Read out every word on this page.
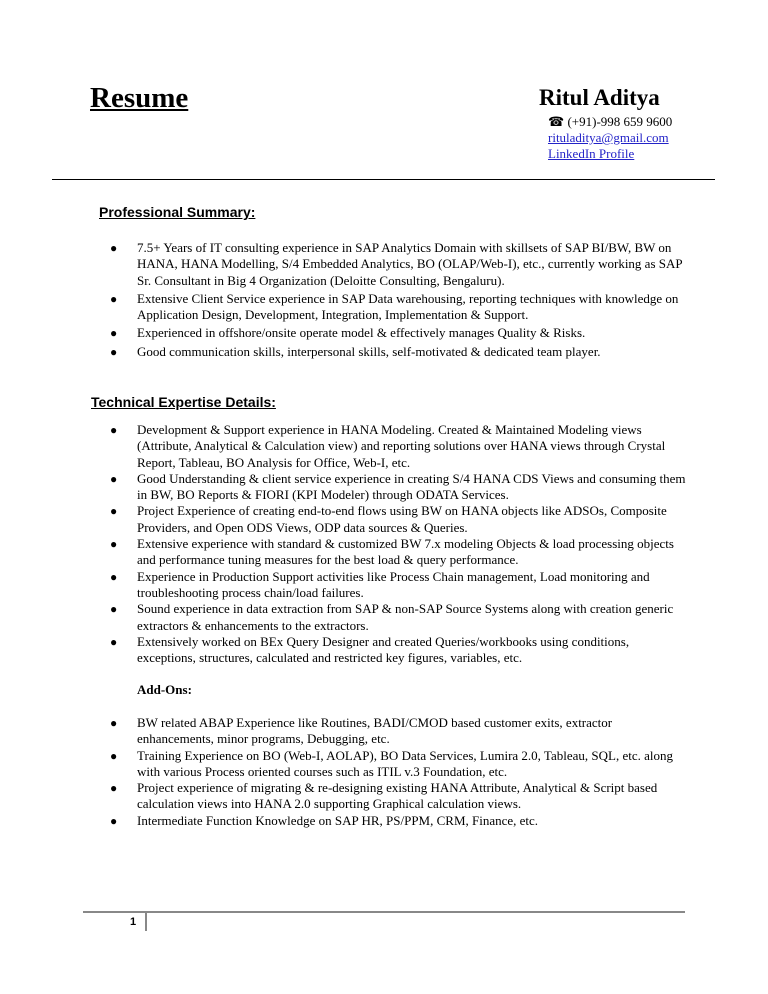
Resume	Ritul Aditya
☎ (+91)-998 659 9600
rituladitya@gmail.com
LinkedIn Profile
Professional Summary:
● 7.5+ Years of IT consulting experience in SAP Analytics Domain with skillsets of SAP BI/BW, BW on HANA, HANA Modelling, S/4 Embedded Analytics, BO (OLAP/Web-I), etc., currently working as SAP Sr. Consultant in Big 4 Organization (Deloitte Consulting, Bengaluru).
● Extensive Client Service experience in SAP Data warehousing, reporting techniques with knowledge on Application Design, Development, Integration, Implementation & Support.
● Experienced in offshore/onsite operate model & effectively manages Quality & Risks.
● Good communication skills, interpersonal skills, self-motivated & dedicated team player.
Technical Expertise Details:
● Development & Support experience in HANA Modeling. Created & Maintained Modeling views (Attribute, Analytical & Calculation view) and reporting solutions over HANA views through Crystal Report, Tableau, BO Analysis for Office, Web-I, etc.
● Good Understanding & client service experience in creating S/4 HANA CDS Views and consuming them in BW, BO Reports & FIORI (KPI Modeler) through ODATA Services.
● Project Experience of creating end-to-end flows using BW on HANA objects like ADSOs, Composite Providers, and Open ODS Views, ODP data sources & Queries.
● Extensive experience with standard & customized BW 7.x modeling Objects & load processing objects and performance tuning measures for the best load & query performance.
● Experience in Production Support activities like Process Chain management, Load monitoring and troubleshooting process chain/load failures.
● Sound experience in data extraction from SAP & non-SAP Source Systems along with creation generic extractors & enhancements to the extractors.
● Extensively worked on BEx Query Designer and created Queries/workbooks using conditions, exceptions, structures, calculated and restricted key figures, variables, etc.
Add-Ons:
● BW related ABAP Experience like Routines, BADI/CMOD based customer exits, extractor enhancements, minor programs, Debugging, etc.
● Training Experience on BO (Web-I, AOLAP), BO Data Services, Lumira 2.0, Tableau, SQL, etc. along with various Process oriented courses such as ITIL v.3 Foundation, etc.
● Project experience of migrating & re-designing existing HANA Attribute, Analytical & Script based calculation views into HANA 2.0 supporting Graphical calculation views.
● Intermediate Function Knowledge on SAP HR, PS/PPM, CRM, Finance, etc.
1
